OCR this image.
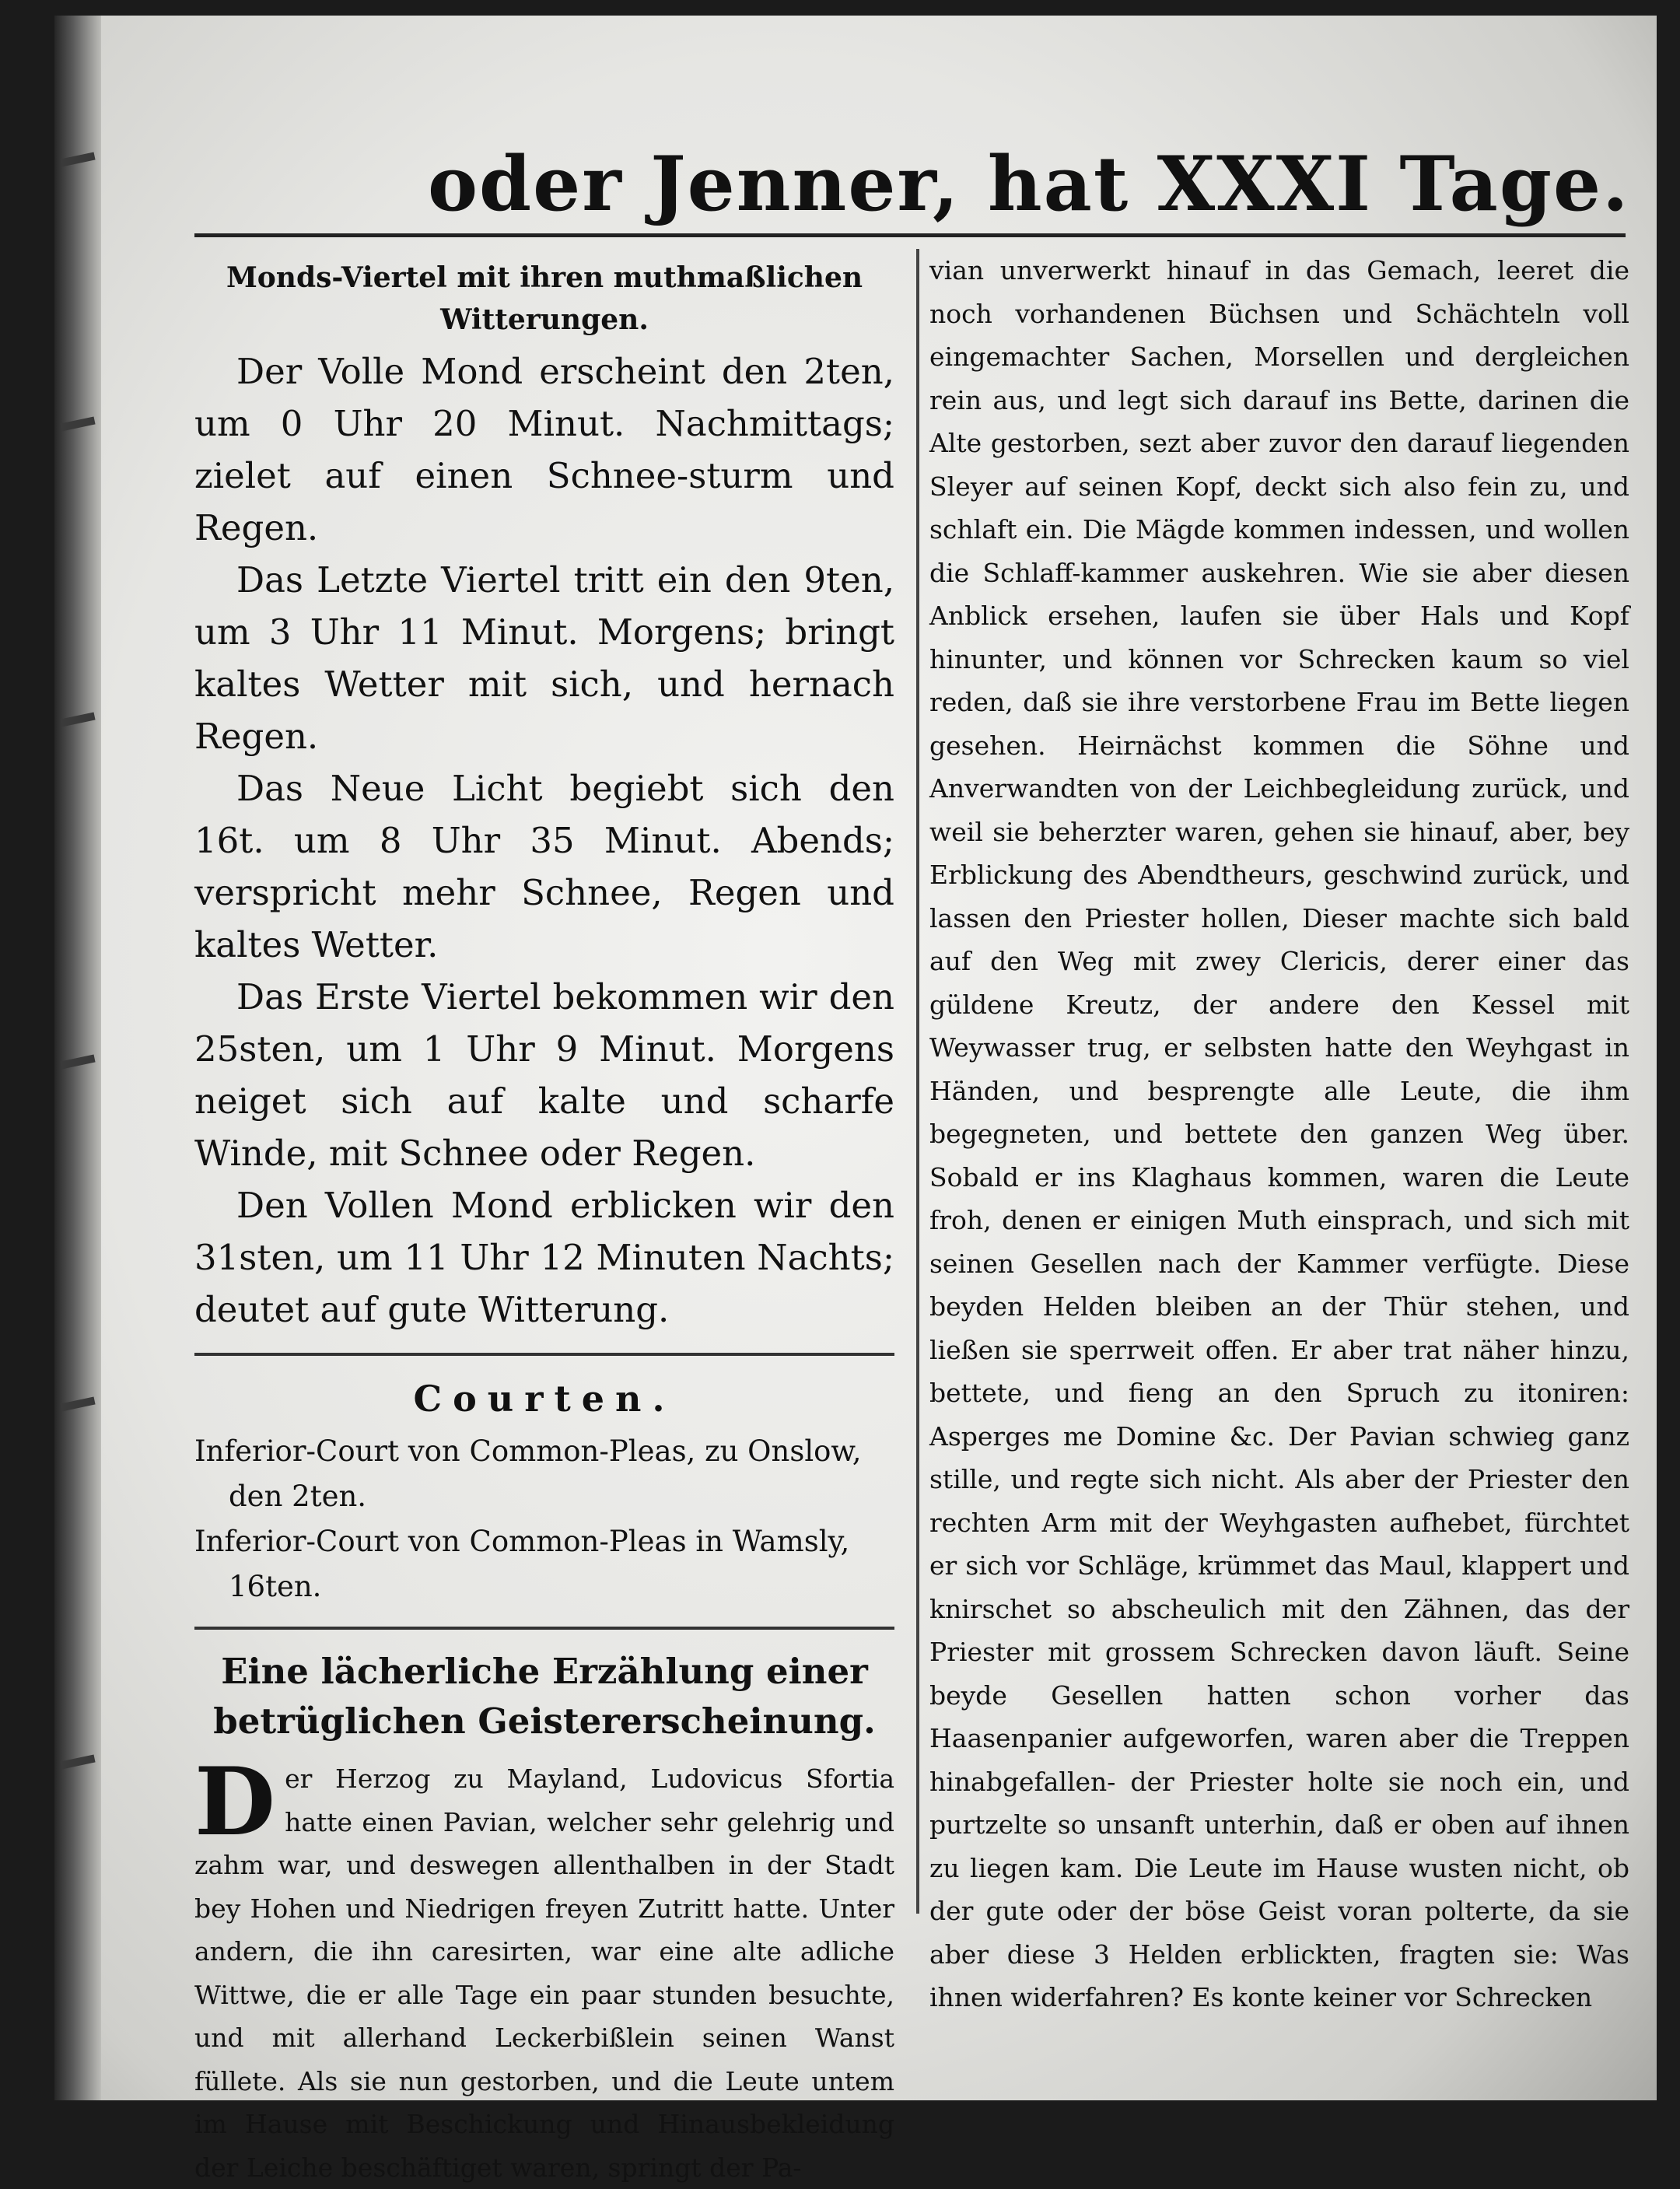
oder Jenner, hat XXXI Tage.
Monds-Viertel mit ihren muthmaßlichen Witterungen.

Der Volle Mond erscheint den 2ten, um 0 Uhr 20 Minut. Nachmittags; zielet auf einen Schnee-sturm und Regen.

Das Letzte Viertel tritt ein den 9ten, um 3 Uhr 11 Minut. Morgens; bringt kaltes Wetter mit sich, und hernach Regen.

Das Neue Licht begiebt sich den 16t. um 8 Uhr 35 Minut. Abends; verspricht mehr Schnee, Regen und kaltes Wetter.

Das Erste Viertel bekommen wir den 25sten, um 1 Uhr 9 Minut. Morgens neiget sich auf kalte und scharfe Winde, mit Schnee oder Regen.

Den Vollen Mond erblicken wir den 31sten, um 11 Uhr 12 Minuten Nachts; deutet auf gute Witterung.

Courten.

Inferior-Court von Common-Pleas, zu Onslow, den 2ten.

Inferior-Court von Common-Pleas in Wamsly, 16ten.

Eine lächerliche Erzählung einer betrüglichen Geistererscheinung.

Der Herzog zu Mayland, Ludovicus Sfortia hatte einen Pavian, welcher sehr gelehrig und zahm war, und deswegen allenthalben in der Stadt bey Hohen und Niedrigen freyen Zutritt hatte. Unter andern, die ihn caresirten, war eine alte adliche Wittwe, die er alle Tage ein paar stunden besuchte, und mit allerhand Leckerbißlein seinen Wanst füllete. Als sie nun gestorben, und die Leute untem im Hause mit Beschickung und Hinausbekleidung der Leiche beschäftiget waren, springt der Pa-

vian unverwerkt hinauf in das Gemach, leeret die noch vorhandenen Büchsen und Schächteln voll eingemachter Sachen, Morsellen und dergleichen rein aus, und legt sich darauf ins Bette, darinen die Alte gestorben, sezt aber zuvor den darauf liegenden Sleyer auf seinen Kopf, deckt sich also fein zu, und schlaft ein. Die Mägde kommen indessen, und wollen die Schlaff-kammer auskehren. Wie sie aber diesen Anblick ersehen, laufen sie über Hals und Kopf hinunter, und können vor Schrecken kaum so viel reden, daß sie ihre verstorbene Frau im Bette liegen gesehen. Heirnächst kommen die Söhne und Anverwandten von der Leichbegleidung zurück, und weil sie beherzter waren, gehen sie hinauf, aber, bey Erblickung des Abendtheurs, geschwind zurück, und lassen den Priester hollen, Dieser machte sich bald auf den Weg mit zwey Clericis, derer einer das güldene Kreutz, der andere den Kessel mit Weywasser trug, er selbsten hatte den Weyhgast in Händen, und besprengte alle Leute, die ihm begegneten, und bettete den ganzen Weg über. Sobald er ins Klaghaus kommen, waren die Leute froh, denen er einigen Muth einsprach, und sich mit seinen Gesellen nach der Kammer verfügte. Diese beyden Helden bleiben an der Thür stehen, und ließen sie sperrweit offen. Er aber trat näher hinzu, bettete, und fieng an den Spruch zu itoniren: Asperges me Domine &c. Der Pavian schwieg ganz stille, und regte sich nicht. Als aber der Priester den rechten Arm mit der Weyhgasten aufhebet, fürchtet er sich vor Schläge, krümmet das Maul, klappert und knirschet so abscheulich mit den Zähnen, das der Priester mit grossem Schrecken davon läuft. Seine beyde Gesellen hatten schon vorher das Haasenpanier aufgeworfen, waren aber die Treppen hinabgefallen- der Priester holte sie noch ein, und purtzelte so unsanft unterhin, daß er oben auf ihnen zu liegen kam. Die Leute im Hause wusten nicht, ob der gute oder der böse Geist voran polterte, da sie aber diese 3 Helden erblickten, fragten sie: Was ihnen widerfahren? Es konte keiner vor Schrecken
